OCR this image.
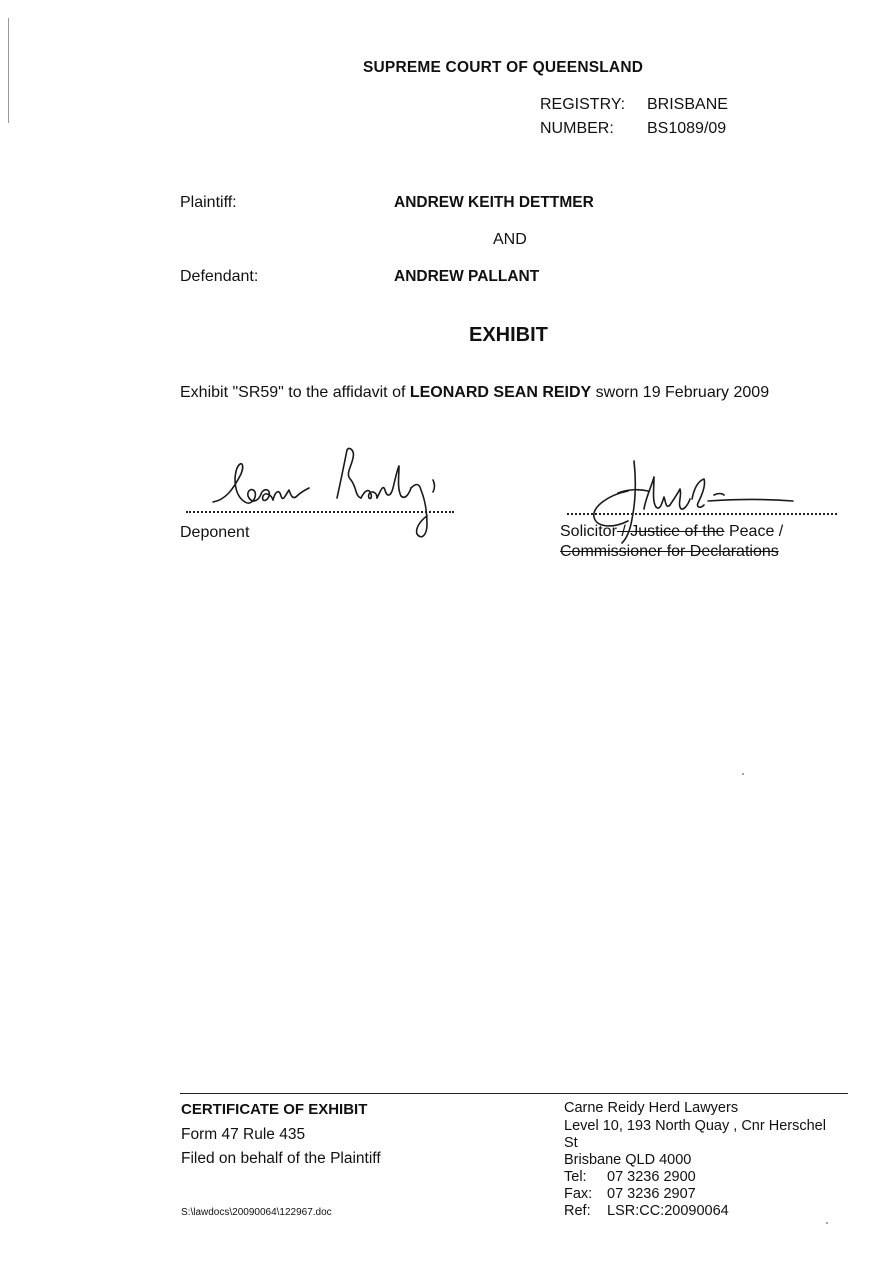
SUPREME COURT OF QUEENSLAND
REGISTRY: BRISBANE
NUMBER: BS1089/09
Plaintiff:	ANDREW KEITH DETTMER
AND
Defendant:	ANDREW PALLANT
EXHIBIT
Exhibit "SR59" to the affidavit of LEONARD SEAN REIDY sworn 19 February 2009
Deponent	Solicitor / Justice of the Peace /
Commissioner for Declarations
CERTIFICATE OF EXHIBIT
Form 47 Rule 435
Filed on behalf of the Plaintiff
S:\lawdocs\20090064\122967.doc
Carne Reidy Herd Lawyers
Level 10, 193 North Quay , Cnr Herschel
St
Brisbane QLD 4000
Tel: 07 3236 2900
Fax: 07 3236 2907
Ref: LSR:CC:20090064
